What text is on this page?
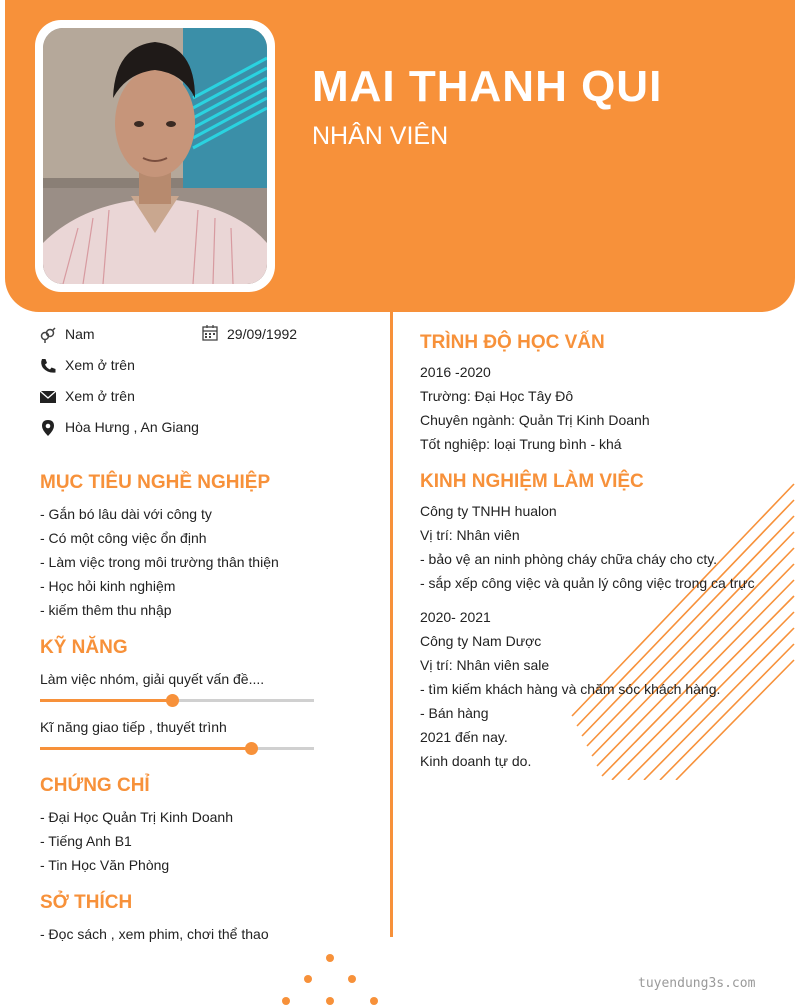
MAI THANH QUI
NHÂN VIÊN
Nam	29/09/1992
Xem ở trên
Xem ở trên
Hòa Hưng , An Giang
MỤC TIÊU NGHỀ NGHIỆP
- Gắn bó lâu dài với công ty
- Có một công việc ổn định
- Làm việc trong môi trường thân thiện
- Học hỏi kinh nghiệm
- kiếm thêm thu nhập
KỸ NĂNG
Làm việc nhóm, giải quyết vấn đề....
Kĩ năng giao tiếp , thuyết trình
CHỨNG CHỈ
- Đại Học Quản Trị Kinh Doanh
- Tiếng Anh B1
- Tin Học Văn Phòng
SỞ THÍCH
- Đọc sách , xem phim, chơi thể thao
TRÌNH ĐỘ HỌC VẤN
2016 -2020
Trường: Đại Học Tây Đô
Chuyên ngành: Quản Trị Kinh Doanh
Tốt nghiệp: loại Trung bình - khá
KINH NGHIỆM LÀM VIỆC
Công ty TNHH hualon
Vị trí: Nhân viên
- bảo vệ an ninh phòng cháy chữa cháy cho cty.
- sắp xếp công việc và quản lý công việc trong ca trực
2020- 2021
Công ty Nam Dược
Vị trí: Nhân viên sale
- tìm kiếm khách hàng và chăm sóc khách hàng.
- Bán hàng
2021 đến nay.
Kinh doanh tự do.
tuyendung3s.com
